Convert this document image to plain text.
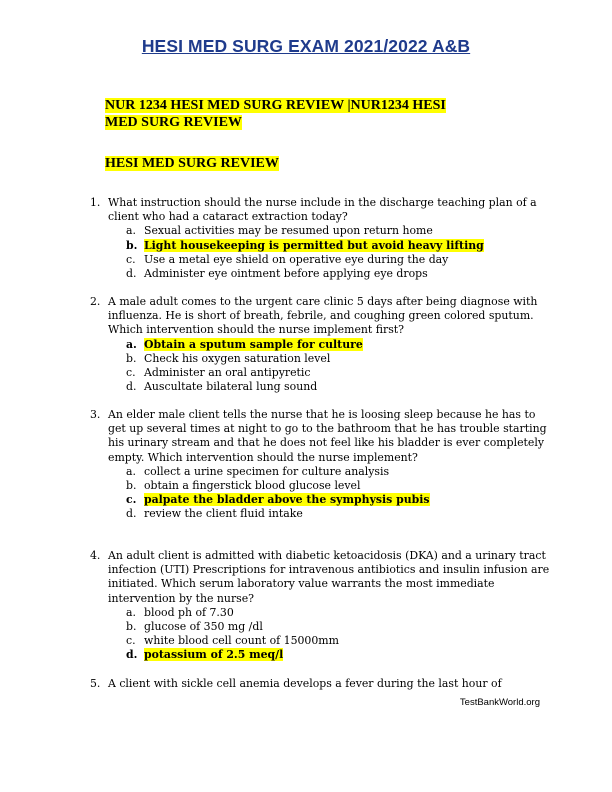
HESI MED SURG EXAM 2021/2022 A&B
NUR 1234 HESI MED SURG REVIEW |NUR1234 HESI
MED SURG REVIEW
HESI MED SURG REVIEW
1. What instruction should the nurse include in the discharge teaching plan of a client who had a cataract extraction today?
a. Sexual activities may be resumed upon return home
b. Light housekeeping is permitted but avoid heavy lifting
c. Use a metal eye shield on operative eye during the day
d. Administer eye ointment before applying eye drops
2. A male adult comes to the urgent care clinic 5 days after being diagnose with influenza. He is short of breath, febrile, and coughing green colored sputum. Which intervention should the nurse implement first?
a. Obtain a sputum sample for culture
b. Check his oxygen saturation level
c. Administer an oral antipyretic
d. Auscultate bilateral lung sound
3. An elder male client tells the nurse that he is loosing sleep because he has to get up several times at night to go to the bathroom that he has trouble starting his urinary stream and that he does not feel like his bladder is ever completely empty. Which intervention should the nurse implement?
a. collect a urine specimen for culture analysis
b. obtain a fingerstick blood glucose level
c. palpate the bladder above the symphysis pubis
d. review the client fluid intake
4. An adult client is admitted with diabetic ketoacidosis (DKA) and a urinary tract infection (UTI) Prescriptions for intravenous antibiotics and insulin infusion are initiated. Which serum laboratory value warrants the most immediate intervention by the nurse?
a. blood ph of 7.30
b. glucose of 350 mg /dl
c. white blood cell count of 15000mm
d. potassium of 2.5 meq/l
5. A client with sickle cell anemia develops a fever during the last hour of
TestBankWorld.org
